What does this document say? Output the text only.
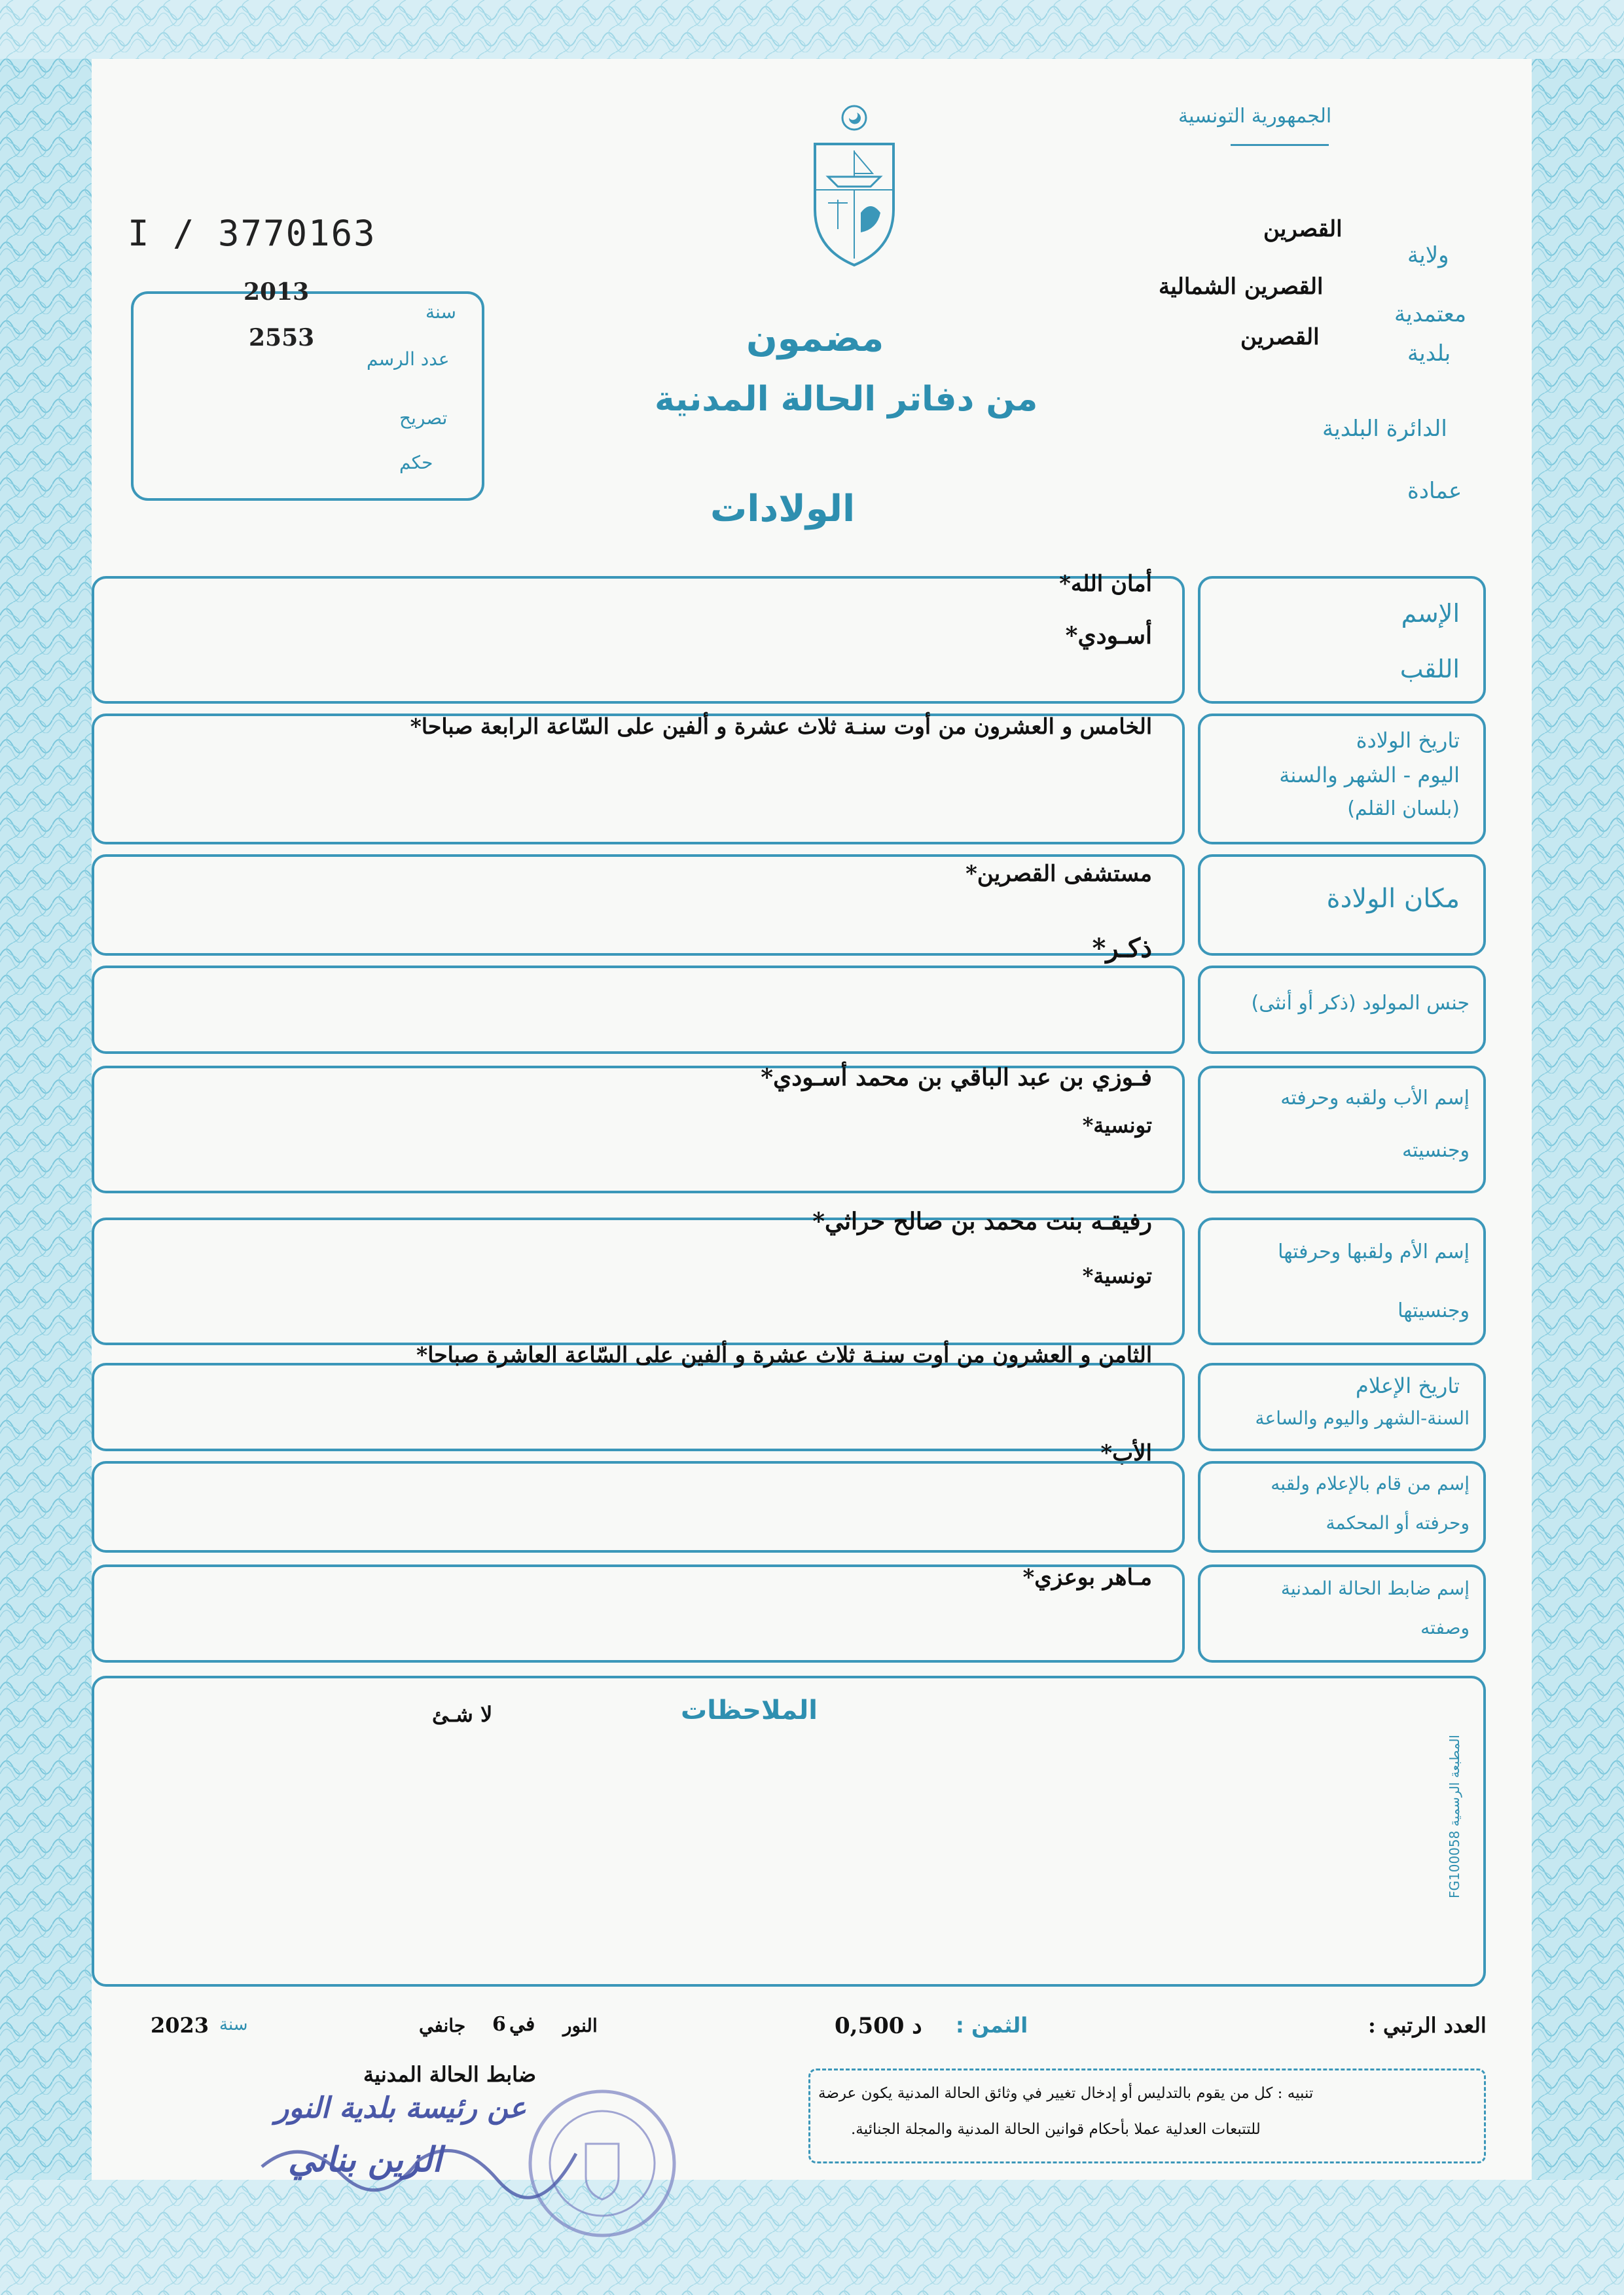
الجمهورية التونسية
I / 3770163
2013
2553
سنة
عدد الرسم
تصريح
حكم
ولاية
القصرين
معتمدية
القصرين الشمالية
بلدية
القصرين
الدائرة البلدية
عمادة
مضمون
من دفاتر الحالة المدنية
الولادات
الإسم
اللقب
أمان الله*
أسـودي*
تاريخ الولادة
اليوم - الشهر والسنة
(بلسان القلم)
الخامس و العشرون من أوت سنـة ثلاث عشرة و ألفين على السّاعة الرابعة صباحا*
مكان الولادة
مستشفى القصرين*
ذكـر*
جنس المولود (ذكر أو أنثى)
إسم الأب ولقبه وحرفته
وجنسيته
فـوزي بن عبد الباقي بن محمد أسـودي*
تونسية*
إسم الأم ولقبها وحرفتها
وجنسيتها
رفيقـه بنت محمد بن صالح حراثي*
تونسية*
تاريخ الإعلام
السنة-الشهر واليوم والساعة
الثامن و العشرون من أوت سنـة ثلاث عشرة و ألفين على السّاعة العاشرة صباحا*
الأب*
إسم من قام بالإعلام ولقبه
وحرفته أو المحكمة
إسم ضابط الحالة المدنية
وصفته
مـاهر بوعزي*
الملاحظات
لا شـئ
المطبعة الرسمية FG100058
العدد الرتبي :
الثمن :
0,500 د
النور
في
6
جانفي
سنة
2023
تنبيه : كل من يقوم بالتدليس أو إدخال تغيير في وثائق الحالة المدنية يكون عرضة
للتتبعات العدلية عملا بأحكام قوانين الحالة المدنية والمجلة الجنائية.
ضابط الحالة المدنية
عن رئيسة بلدية النور
الزين بناني
